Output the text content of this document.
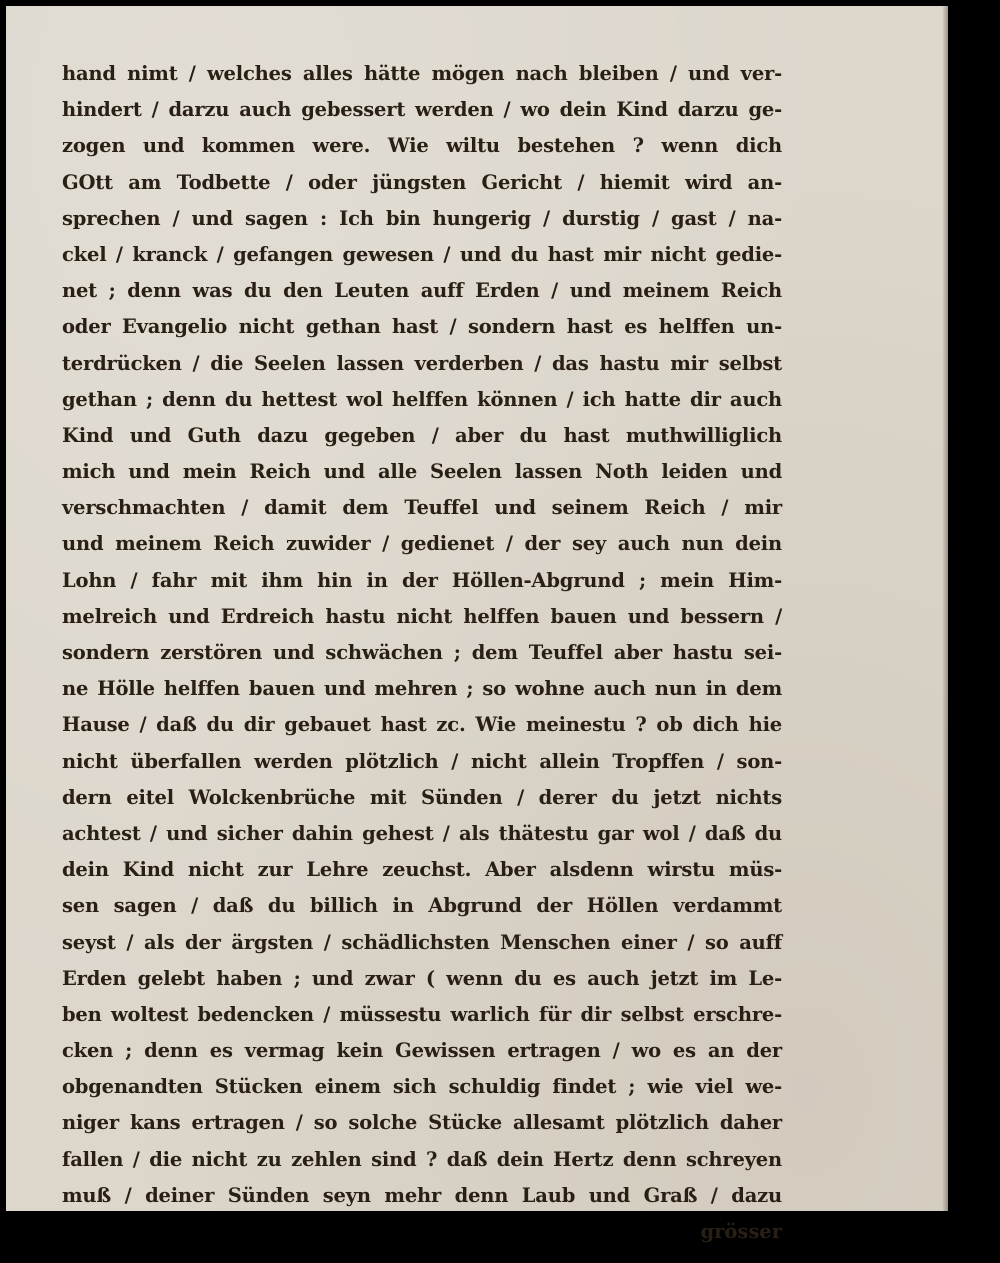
hand nimt / welches alles hätte mögen nach bleiben / und ver-
hindert / darzu auch gebessert werden / wo dein Kind darzu ge-
zogen und kommen were. Wie wiltu bestehen ? wenn dich
GOtt am Todbette / oder jüngsten Gericht / hiemit wird an-
sprechen / und sagen : Ich bin hungerig / durstig / gast / na-
ckel / kranck / gefangen gewesen / und du hast mir nicht gedie-
net ; denn was du den Leuten auff Erden / und meinem Reich
oder Evangelio nicht gethan hast / sondern hast es helffen un-
terdrücken / die Seelen lassen verderben / das hastu mir selbst
gethan ; denn du hettest wol helffen können / ich hatte dir auch
Kind und Guth dazu gegeben / aber du hast muthwilliglich
mich und mein Reich und alle Seelen lassen Noth leiden und
verschmachten / damit dem Teuffel und seinem Reich / mir
und meinem Reich zuwider / gedienet / der sey auch nun dein
Lohn / fahr mit ihm hin in der Höllen-Abgrund ; mein Him-
melreich und Erdreich hastu nicht helffen bauen und bessern /
sondern zerstören und schwächen ; dem Teuffel aber hastu sei-
ne Hölle helffen bauen und mehren ; so wohne auch nun in dem
Hause / daß du dir gebauet hast zc. Wie meinestu ? ob dich hie
nicht überfallen werden plötzlich / nicht allein Tropffen / son-
dern eitel Wolckenbrüche mit Sünden / derer du jetzt nichts
achtest / und sicher dahin gehest / als thätestu gar wol / daß du
dein Kind nicht zur Lehre zeuchst. Aber alsdenn wirstu müs-
sen sagen / daß du billich in Abgrund der Höllen verdammt
seyst / als der ärgsten / schädlichsten Menschen einer / so auff
Erden gelebt haben ; und zwar ( wenn du es auch jetzt im Le-
ben woltest bedencken / müssestu warlich für dir selbst erschre-
cken ; denn es vermag kein Gewissen ertragen / wo es an der
obgenandten Stücken einem sich schuldig findet ; wie viel we-
niger kans ertragen / so solche Stücke allesamt plötzlich daher
fallen / die nicht zu zehlen sind ? daß dein Hertz denn schreyen
muß / deiner Sünden seyn mehr denn Laub und Graß / dazu
grösser
